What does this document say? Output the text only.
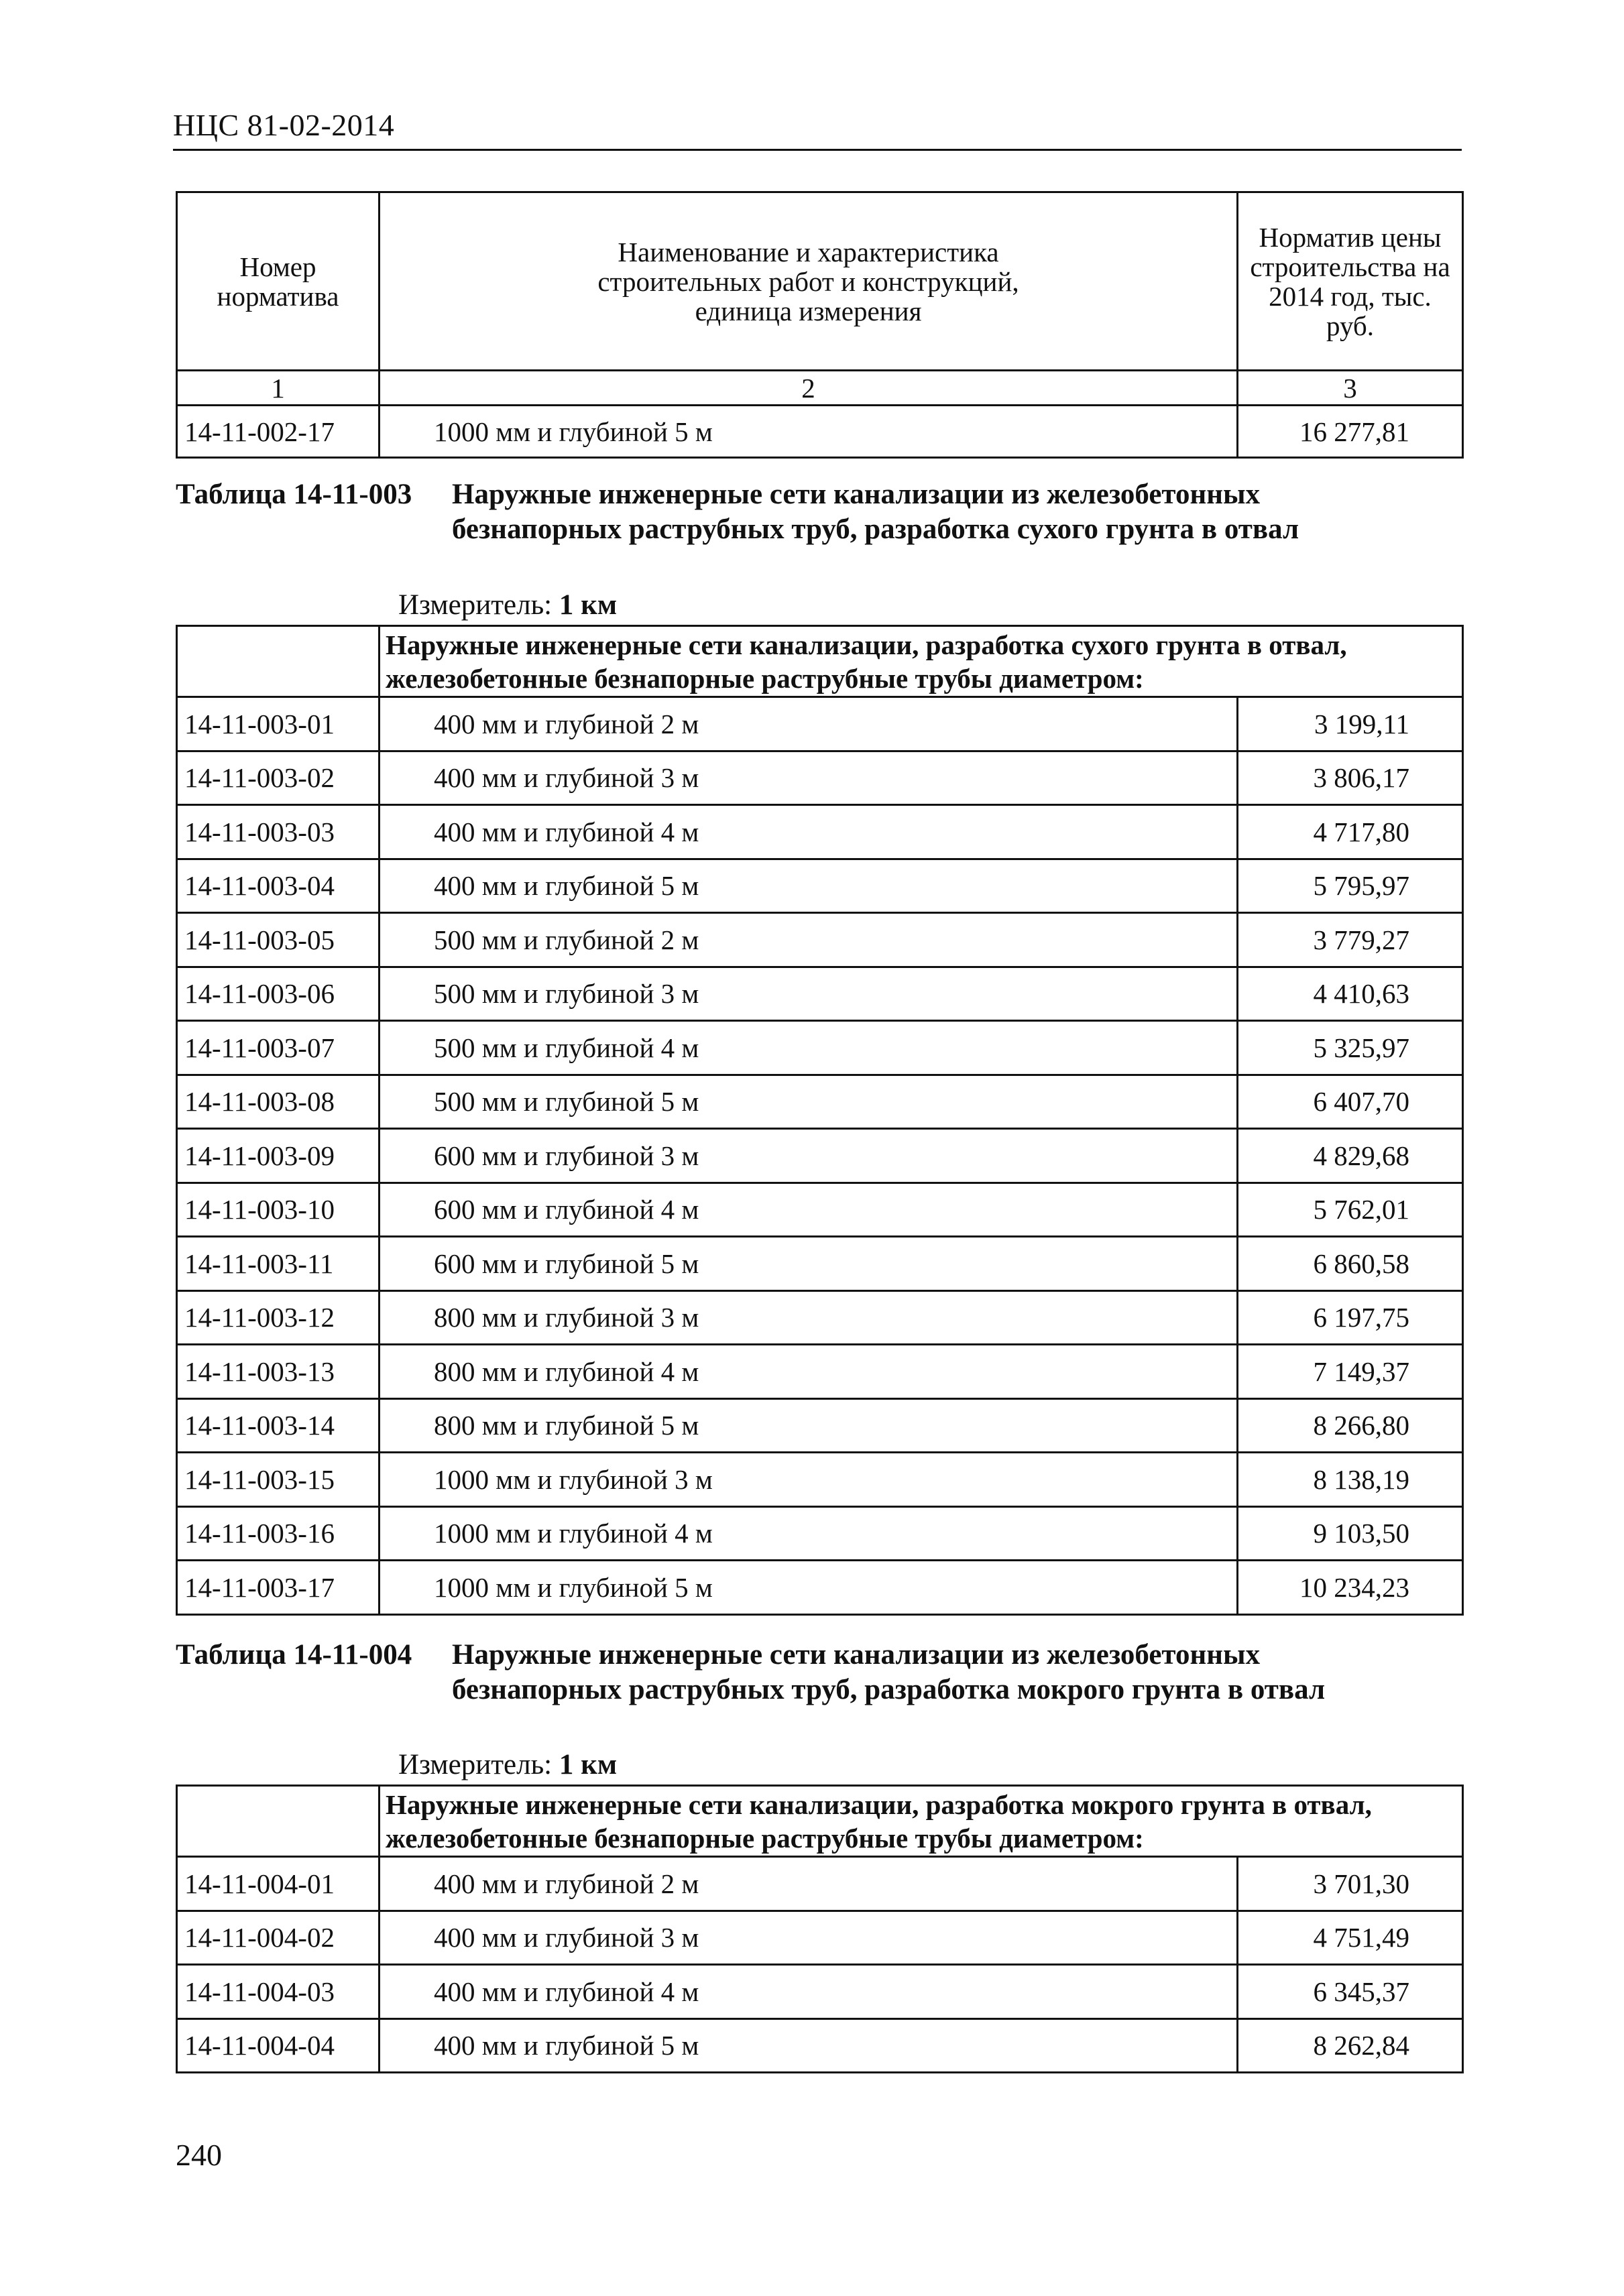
НЦС 81-02-2014
Номер норматива	Наименование и характеристика строительных работ и конструкций, единица измерения	Норматив цены строительства на 2014 год, тыс. руб.
1	2	3
14-11-002-17	1000 мм и глубиной 5 м	16 277,81
Таблица 14-11-003 Наружные инженерные сети канализации из железобетонных
безнапорных раструбных труб, разработка сухого грунта в отвал
Измеритель: 1 км
	Наружные инженерные сети канализации, разработка сухого грунта в отвал, железобетонные безнапорные раструбные трубы диаметром:	
14-11-003-01	400 мм и глубиной 2 м	3 199,11
14-11-003-02	400 мм и глубиной 3 м	3 806,17
14-11-003-03	400 мм и глубиной 4 м	4 717,80
14-11-003-04	400 мм и глубиной 5 м	5 795,97
14-11-003-05	500 мм и глубиной 2 м	3 779,27
14-11-003-06	500 мм и глубиной 3 м	4 410,63
14-11-003-07	500 мм и глубиной 4 м	5 325,97
14-11-003-08	500 мм и глубиной 5 м	6 407,70
14-11-003-09	600 мм и глубиной 3 м	4 829,68
14-11-003-10	600 мм и глубиной 4 м	5 762,01
14-11-003-11	600 мм и глубиной 5 м	6 860,58
14-11-003-12	800 мм и глубиной 3 м	6 197,75
14-11-003-13	800 мм и глубиной 4 м	7 149,37
14-11-003-14	800 мм и глубиной 5 м	8 266,80
14-11-003-15	1000 мм и глубиной 3 м	8 138,19
14-11-003-16	1000 мм и глубиной 4 м	9 103,50
14-11-003-17	1000 мм и глубиной 5 м	10 234,23
Таблица 14-11-004 Наружные инженерные сети канализации из железобетонных
безнапорных раструбных труб, разработка мокрого грунта в отвал
Измеритель: 1 км
	Наружные инженерные сети канализации, разработка мокрого грунта в отвал, железобетонные безнапорные раструбные трубы диаметром:	
14-11-004-01	400 мм и глубиной 2 м	3 701,30
14-11-004-02	400 мм и глубиной 3 м	4 751,49
14-11-004-03	400 мм и глубиной 4 м	6 345,37
14-11-004-04	400 мм и глубиной 5 м	8 262,84
240
